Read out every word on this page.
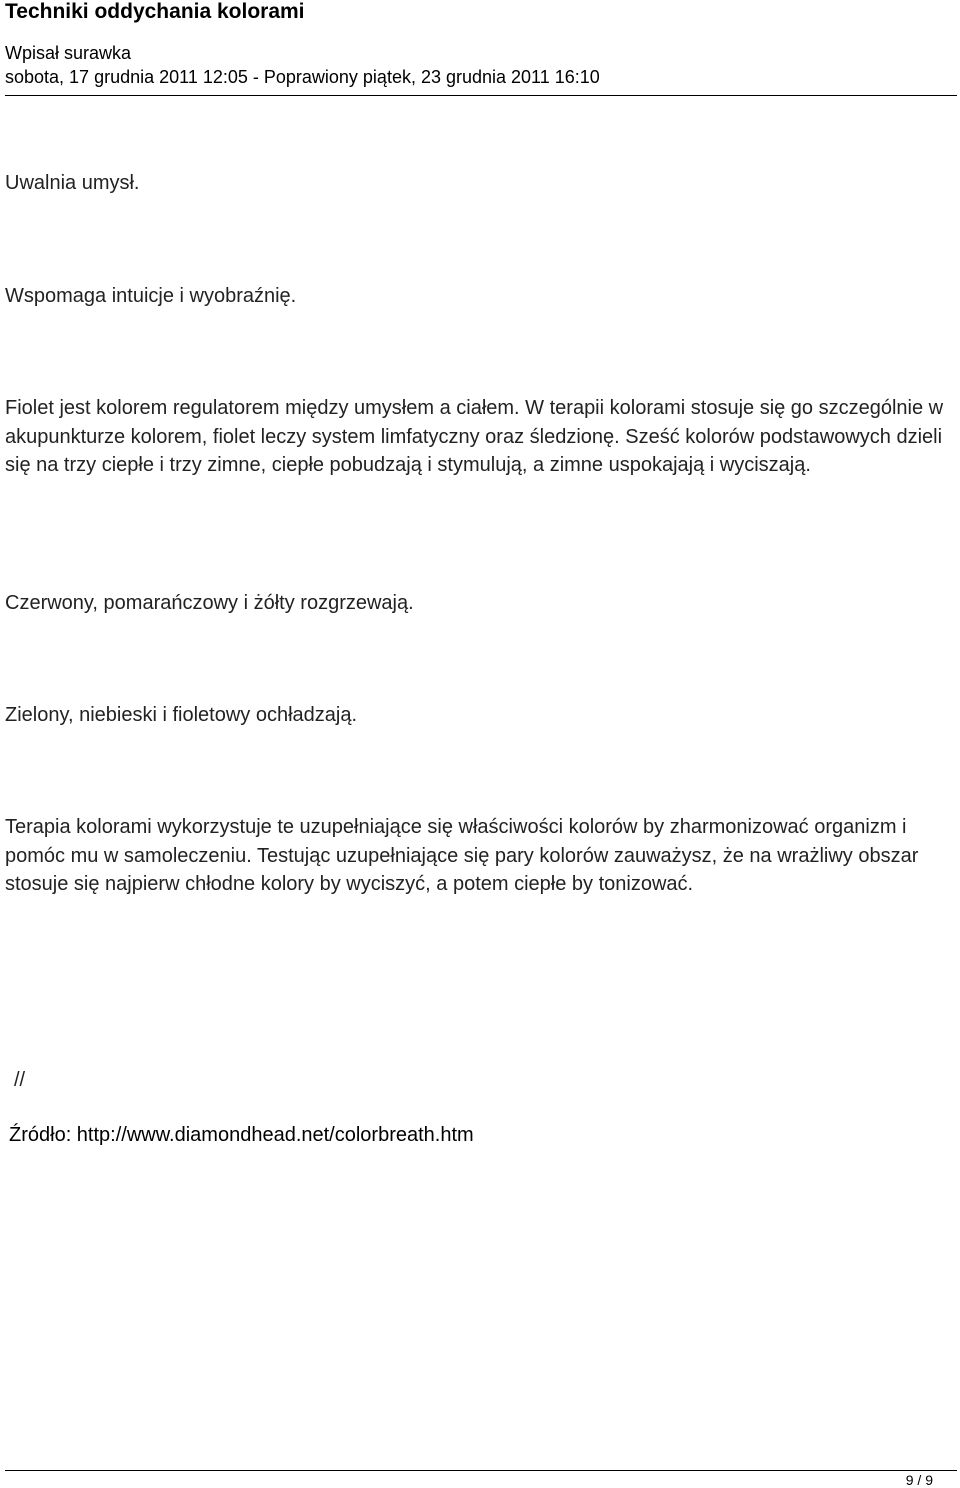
Techniki oddychania kolorami
Wpisał surawka
sobota, 17 grudnia 2011 12:05 - Poprawiony piątek, 23 grudnia 2011 16:10

Uwalnia umysł.

Wspomaga intuicje i wyobraźnię.

Fiolet jest kolorem regulatorem między umysłem a ciałem. W terapii kolorami stosuje się go szczególnie w akupunkturze kolorem, fiolet leczy system limfatyczny oraz śledzionę. Sześć kolorów podstawowych dzieli się na trzy ciepłe i trzy zimne, ciepłe pobudzają i stymulują, a zimne uspokajają i wyciszają.

Czerwony, pomarańczowy i żółty rozgrzewają.

Zielony, niebieski i fioletowy ochładzają.

Terapia kolorami wykorzystuje te uzupełniające się właściwości kolorów by zharmonizować organizm i pomóc mu w samoleczeniu. Testując uzupełniające się pary kolorów zauważysz, że na wrażliwy obszar stosuje się najpierw chłodne kolory by wyciszyć, a potem ciepłe by tonizować.

//
Źródło: http://www.diamondhead.net/colorbreath.htm
9 / 9
